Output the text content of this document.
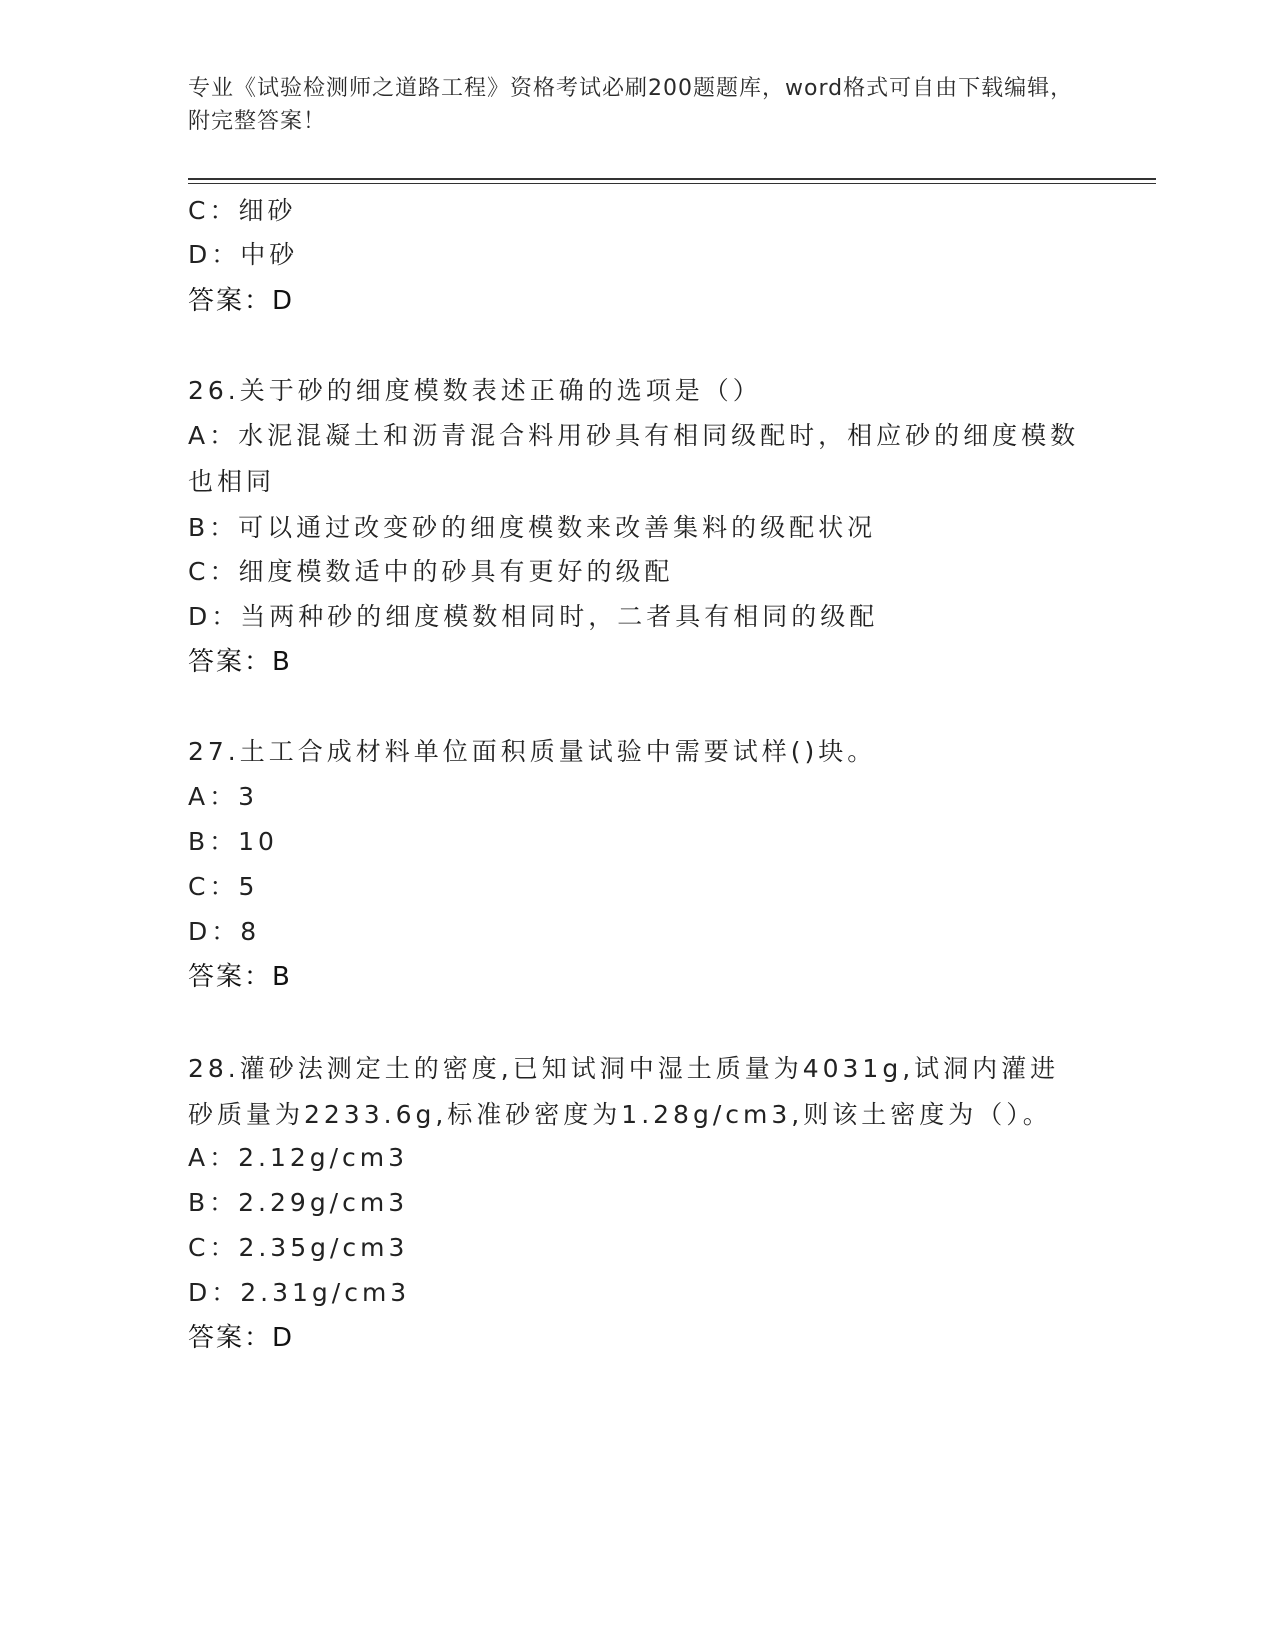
专业《试验检测师之道路工程》资格考试必刷200题题库，word格式可自由下载编辑，附完整答案！
C：细砂
D：中砂
答案：D
26.关于砂的细度模数表述正确的选项是（）
A：水泥混凝土和沥青混合料用砂具有相同级配时，相应砂的细度模数也相同
B：可以通过改变砂的细度模数来改善集料的级配状况
C：细度模数适中的砂具有更好的级配
D：当两种砂的细度模数相同时，二者具有相同的级配
答案：B
27.土工合成材料单位面积质量试验中需要试样()块。
A：3
B：10
C：5
D：8
答案：B
28.灌砂法测定土的密度,已知试洞中湿土质量为4031g,试洞内灌进砂质量为2233.6g,标准砂密度为1.28g/cm3,则该土密度为（）。
A：2.12g/cm3
B：2.29g/cm3
C：2.35g/cm3
D：2.31g/cm3
答案：D
